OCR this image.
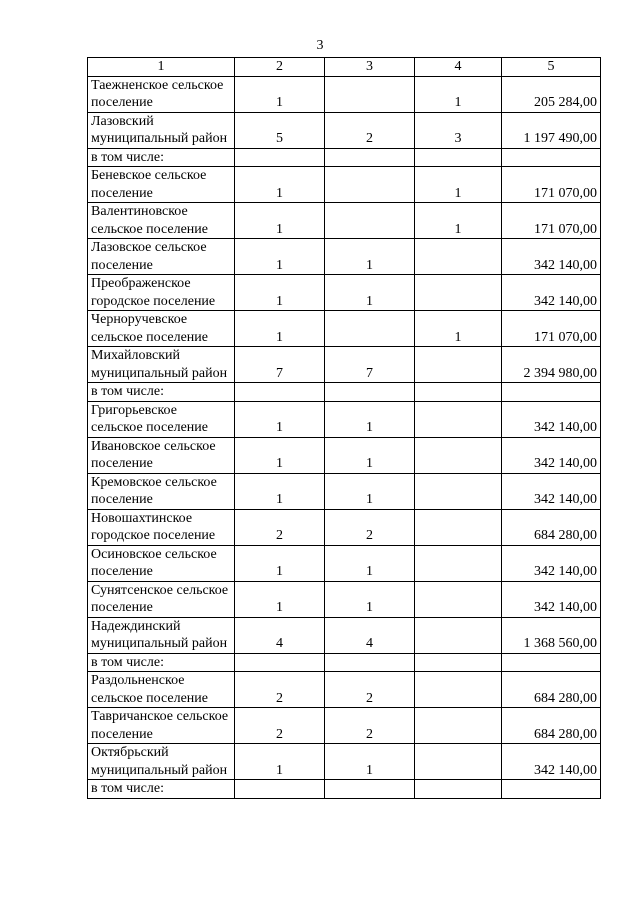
3
1	2	3	4	5
Таежненское сельское поселение	1		1	205 284,00
Лазовский муниципальный район	5	2	3	1 197 490,00
в том числе:				
Беневское сельское поселение	1		1	171 070,00
Валентиновское сельское поселение	1		1	171 070,00
Лазовское сельское поселение	1	1		342 140,00
Преображенское городское поселение	1	1		342 140,00
Черноручевское сельское поселение	1		1	171 070,00
Михайловский муниципальный район	7	7		2 394 980,00
в том числе:				
Григорьевское сельское поселение	1	1		342 140,00
Ивановское сельское поселение	1	1		342 140,00
Кремовское сельское поселение	1	1		342 140,00
Новошахтинское городское поселение	2	2		684 280,00
Осиновское сельское поселение	1	1		342 140,00
Сунятсенское сельское поселение	1	1		342 140,00
Надеждинский муниципальный район	4	4		1 368 560,00
в том числе:				
Раздольненское сельское поселение	2	2		684 280,00
Тавричанское сельское поселение	2	2		684 280,00
Октябрьский муниципальный район	1	1		342 140,00
в том числе:				
